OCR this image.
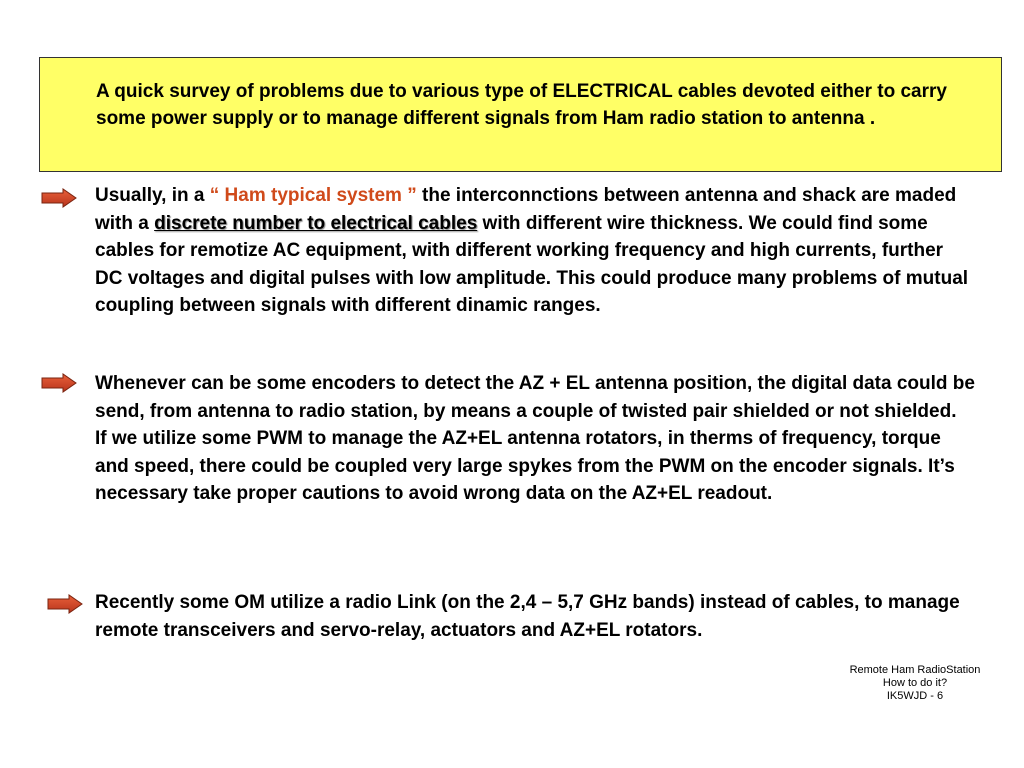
A quick survey of problems due to various type of ELECTRICAL cables devoted either to carry some power supply or to manage different signals from Ham radio station to antenna .
Usually, in a “ Ham typical system ” the interconnctions between antenna and shack are maded with a discrete number to electrical cables with different wire thickness. We could find some cables for remotize AC equipment, with different working frequency and high currents, further DC voltages and digital pulses with low amplitude. This could produce many problems of mutual coupling between signals with different dinamic ranges.
Whenever can be some encoders to detect the AZ + EL antenna position, the digital data could be send, from antenna to radio station, by means a couple of twisted pair shielded or not shielded.
If we utilize some PWM to manage the AZ+EL antenna rotators, in therms of frequency, torque and speed, there could be coupled very large spykes from the PWM on the encoder signals. It’s necessary take proper cautions to avoid wrong data on the AZ+EL readout.
Recently some OM utilize a radio Link (on the 2,4 – 5,7 GHz bands) instead of cables, to manage remote transceivers and servo-relay, actuators and AZ+EL rotators.
Remote Ham RadioStation
How to do it?
IK5WJD - 6
